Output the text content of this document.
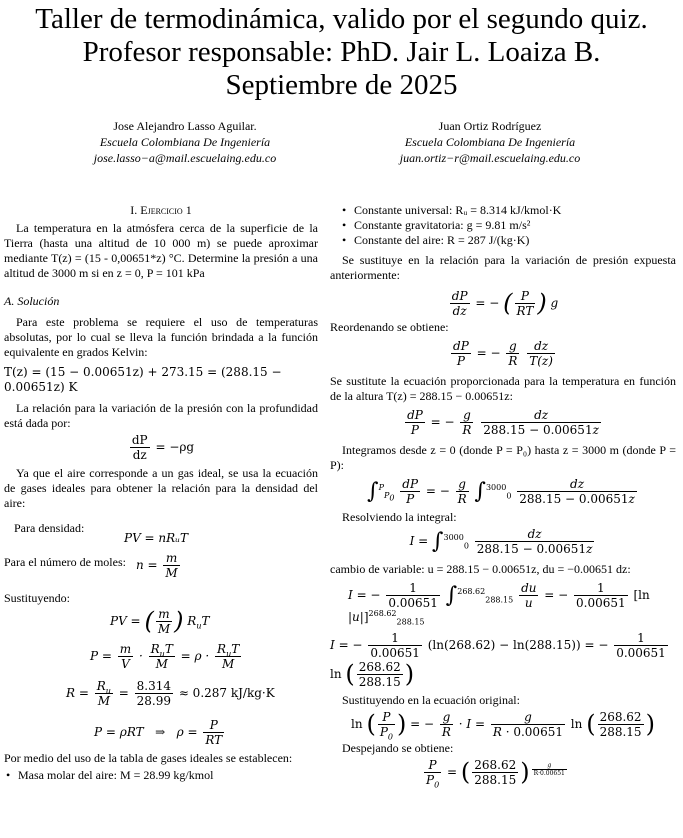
Taller de termodinámica, valido por el segundo quiz.
Profesor responsable: PhD. Jair L. Loaiza B.
Septiembre de 2025
Jose Alejandro Lasso Aguilar.
Escuela Colombiana De Ingeniería
jose.lasso−a@mail.escuelaing.edu.co
Juan Ortiz Rodríguez
Escuela Colombiana De Ingeniería
juan.ortiz−r@mail.escuelaing.edu.co

I. Ejercicio 1

La temperatura en la atmósfera cerca de la superficie de la Tierra (hasta una altitud de 10 000 m) se puede aproximar mediante T(z) = (15 - 0,00651*z) °C. Determine la presión a una altitud de 3000 m si en z = 0, P = 101 kPa

A. Solución

Para este problema se requiere el uso de temperaturas absolutas, por lo cual se lleva la función brindada a la función equivalente en grados Kelvin:

T(z) = (15 − 0.00651z) + 273.15 = (288.15 − 0.00651z) K

La relación para la variación de la presión con la profundidad está dada por:

$\frac{dP}{dz} = -\rho g$

Ya que el aire corresponde a un gas ideal, se usa la ecuación de gases ideales para obtener la relación para la densidad del aire:

Para densidad:
PV = nRᵤT
Para el número de moles: $n = \frac{m}{M}$
Sustituyendo:
PV = ( $\frac{m}{M}$ ) $R_uT$
$P = \frac{m}{V} \cdot \frac{R_uT}{M} = \rho \cdot \frac{R_uT}{M}$
$R = \frac{R_u}{M} = \frac{8.314}{28.99} \approx 0.287$ kJ/kg·K
P = ρRT   ⇒   $\rho = \frac{P}{RT}$

Por medio del uso de la tabla de gases ideales se establecen:

• Masa molar del aire: M = 28.99 kg/kmol

• Constante universal: Rᵤ = 8.314 kJ/kmol·K

• Constante gravitatoria: g = 9.81 m/s²

• Constante del aire: R = 287 J/(kg·K)

Se sustituye en la relación para la variación de presión expuesta anteriormente:

$\frac{dP}{dz}$ = − ( $\frac{P}{RT}$ ) g

Reordenando se obtiene:

$\frac{dP}{P}$ = − $\frac{g}{R}$
$\frac{dz}{T(z)}$

Se sustitute la ecuación proporcionada para la temperatura en función de la altura T(z) = 288.15 − 0.00651z:

$\frac{dP}{P}$ = − $\frac{g}{R}$
$\frac{dz}{288.15 - 0.00651z}$

Integramos desde z = 0 (donde P = P₀) hasta z = 3000 m (donde P = P):

$\int^P_{P_0} \frac{dP}{P}$ = − $\frac{g}{R} \int^{3000}_0 \frac{dz}{288.15 - 0.00651z}$

Resolviendo la integral:

$I = \int^{3000}_0 \frac{dz}{288.15 - 0.00651z}$

cambio de variable: u = 288.15 − 0.00651z, du = −0.00651 dz:

I = − $\frac{1}{0.00651} \int^{268.62}_{288.15} \frac{du}{u}$ = − $\frac{1}{0.00651} [\ln$ |u|]$^{268.62}_{288.15}$
I = − $\frac{1}{0.00651} (\ln(268.62) - \ln(288.15))$ = − $\frac{1}{0.00651}$
ln ( $\frac{268.62}{288.15}$ )

Sustituyendo en la ecuación original:

ln ( $\frac{P}{P_0}$ ) = − $\frac{g}{R} \cdot I = \frac{g}{R \cdot 0.00651}$ ln ( $\frac{268.62}{288.15}$ )

Despejando se obtiene:

$\frac{P}{P_0}$ = ( $\frac{268.62}{288.15}$ ) $^{\frac{g}{R\cdot 0.00651}}$
